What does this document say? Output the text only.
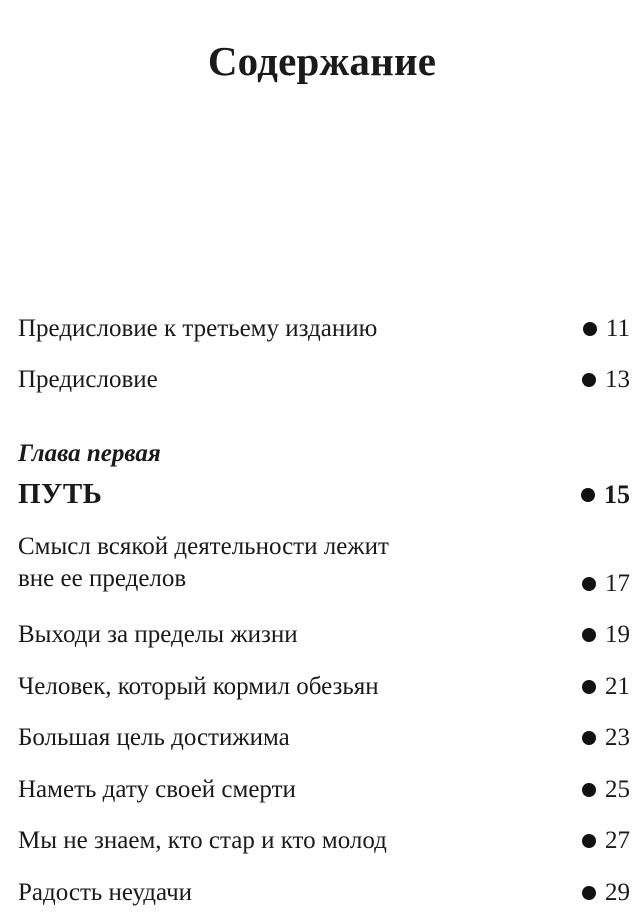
Содержание
Предисловие к третьему изданию	11
Предисловие	13
Глава первая
ПУТЬ	15
Смысл всякой деятельности лежит
вне ее пределов	17
Выходи за пределы жизни	19
Человек, который кормил обезьян	21
Большая цель достижима	23
Наметь дату своей смерти	25
Мы не знаем, кто стар и кто молод	27
Радость неудачи	29
